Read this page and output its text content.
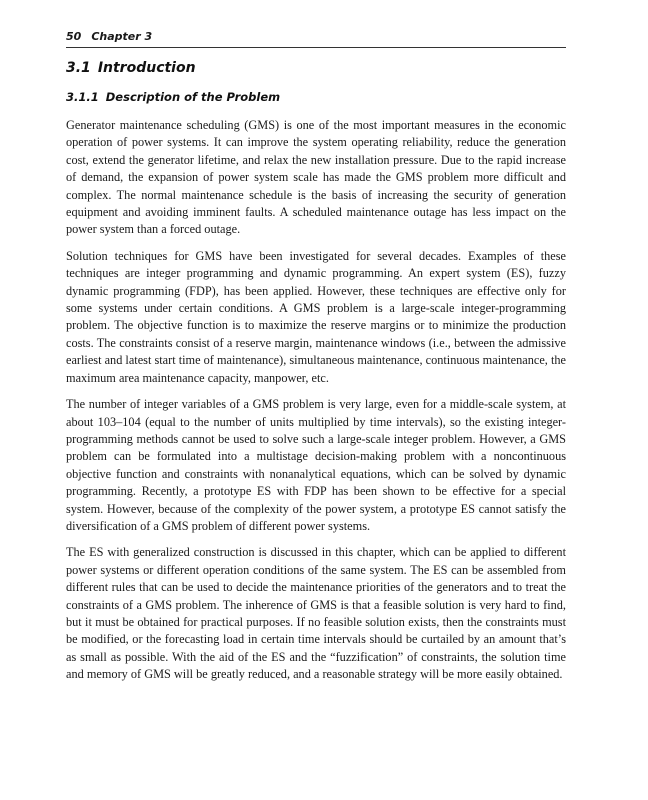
50 Chapter 3
3.1 Introduction
3.1.1 Description of the Problem

Generator maintenance scheduling (GMS) is one of the most important measures in the economic operation of power systems. It can improve the system operating reliability, reduce the generation cost, extend the generator lifetime, and relax the new installation pressure. Due to the rapid increase of demand, the expansion of power system scale has made the GMS problem more difficult and complex. The normal maintenance schedule is the basis of increasing the security of generation equipment and avoiding imminent faults. A scheduled maintenance outage has less impact on the power system than a forced outage.

Solution techniques for GMS have been investigated for several decades. Examples of these techniques are integer programming and dynamic programming. An expert system (ES), fuzzy dynamic programming (FDP), has been applied. However, these techniques are effective only for some systems under certain conditions. A GMS problem is a large-scale integer-programming problem. The objective function is to maximize the reserve margins or to minimize the production costs. The constraints consist of a reserve margin, maintenance windows (i.e., between the admissive earliest and latest start time of maintenance), simultaneous maintenance, continuous maintenance, the maximum area maintenance capacity, manpower, etc.

The number of integer variables of a GMS problem is very large, even for a middle-scale system, at about 103–104 (equal to the number of units multiplied by time intervals), so the existing integer-programming methods cannot be used to solve such a large-scale integer problem. However, a GMS problem can be formulated into a multistage decision-making problem with a noncontinuous objective function and constraints with nonanalytical equations, which can be solved by dynamic programming. Recently, a prototype ES with FDP has been shown to be effective for a special system. However, because of the complexity of the power system, a prototype ES cannot satisfy the diversification of a GMS problem of different power systems.

The ES with generalized construction is discussed in this chapter, which can be applied to different power systems or different operation conditions of the same system. The ES can be assembled from different rules that can be used to decide the maintenance priorities of the generators and to treat the constraints of a GMS problem. The inherence of GMS is that a feasible solution is very hard to find, but it must be obtained for practical purposes. If no feasible solution exists, then the constraints must be modified, or the forecasting load in certain time intervals should be curtailed by an amount that’s as small as possible. With the aid of the ES and the “fuzzification” of constraints, the solution time and memory of GMS will be greatly reduced, and a reasonable strategy will be more easily obtained.
